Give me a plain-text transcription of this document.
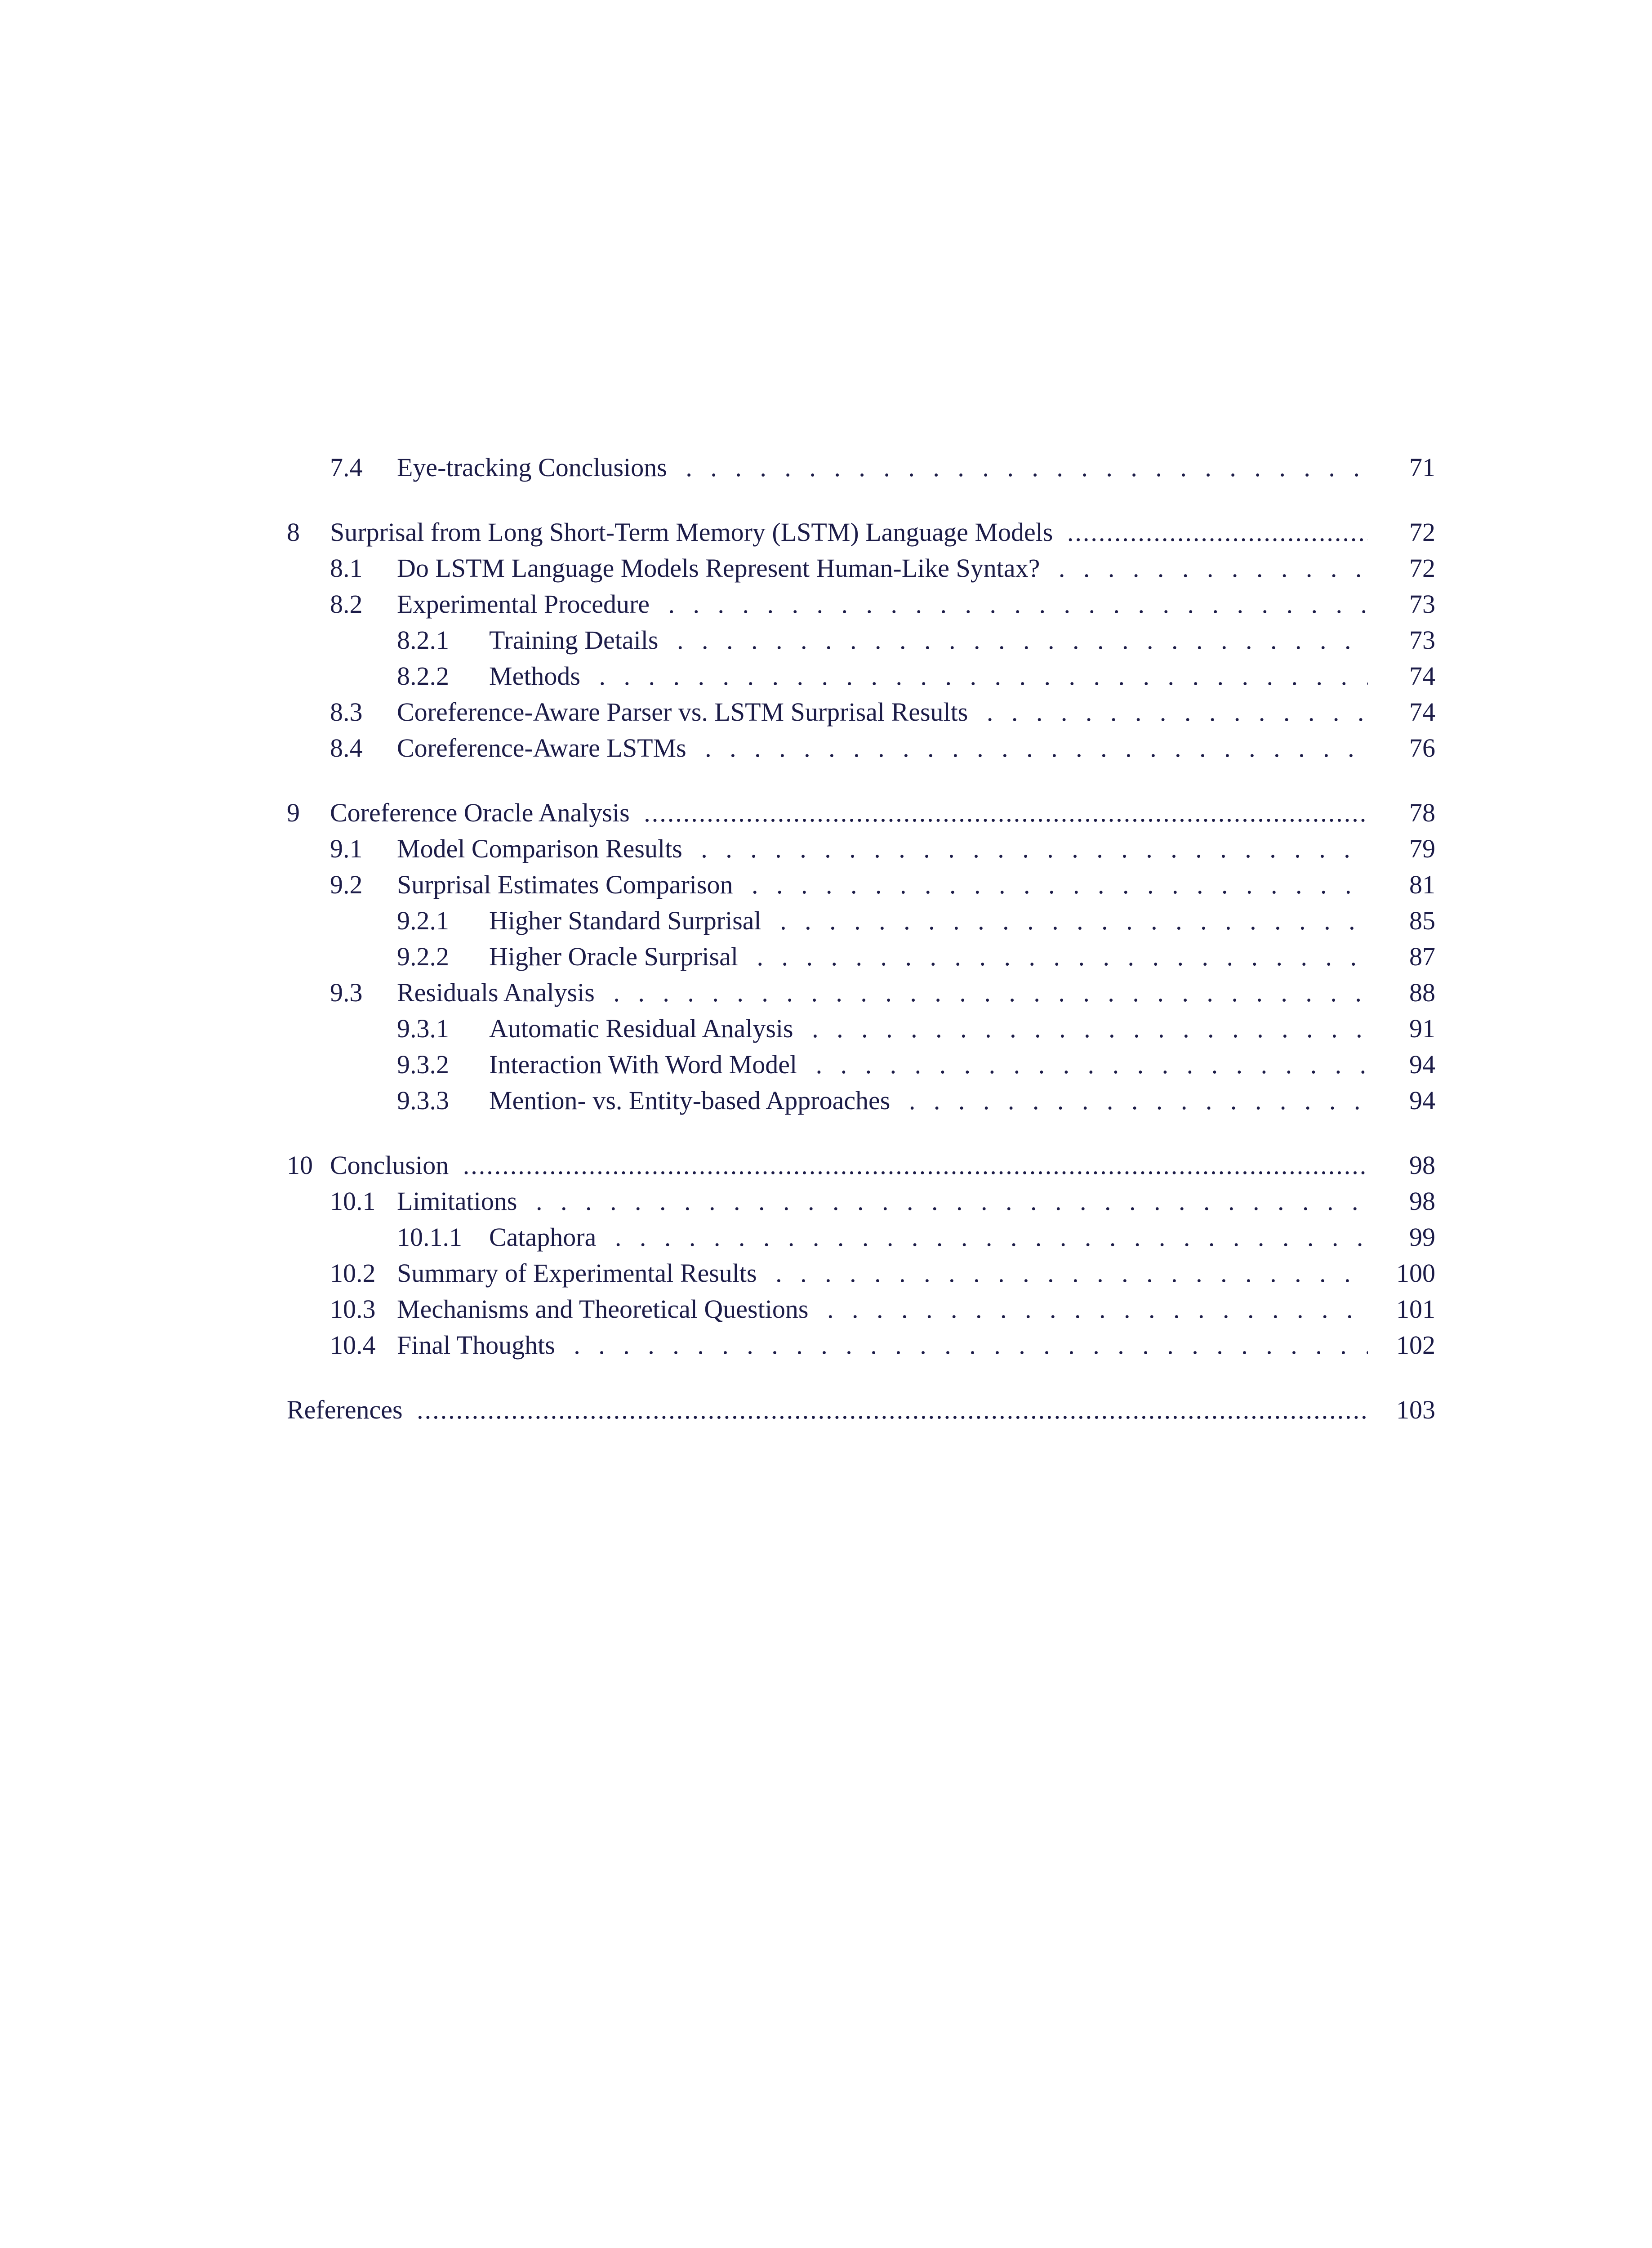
7.4 Eye-tracking Conclusions . . .	71
8 Surprisal from Long Short-Term Memory (LSTM) Language Models .....	72
8.1 Do LSTM Language Models Represent Human-Like Syntax? . . .	72
8.2 Experimental Procedure . . .	73
8.2.1 Training Details . . .	73
8.2.2 Methods . . .	74
8.3 Coreference-Aware Parser vs. LSTM Surprisal Results . . .	74
8.4 Coreference-Aware LSTMs . . .	76
9 Coreference Oracle Analysis .....	78
9.1 Model Comparison Results . . .	79
9.2 Surprisal Estimates Comparison . . .	81
9.2.1 Higher Standard Surprisal . . .	85
9.2.2 Higher Oracle Surprisal . . .	87
9.3 Residuals Analysis . . .	88
9.3.1 Automatic Residual Analysis . . .	91
9.3.2 Interaction With Word Model . . .	94
9.3.3 Mention- vs. Entity-based Approaches . . .	94
10 Conclusion .....	98
10.1 Limitations . . .	98
10.1.1 Cataphora . . .	99
10.2 Summary of Experimental Results . . .	100
10.3 Mechanisms and Theoretical Questions . . .	101
10.4 Final Thoughts . . .	102
References .....	103
